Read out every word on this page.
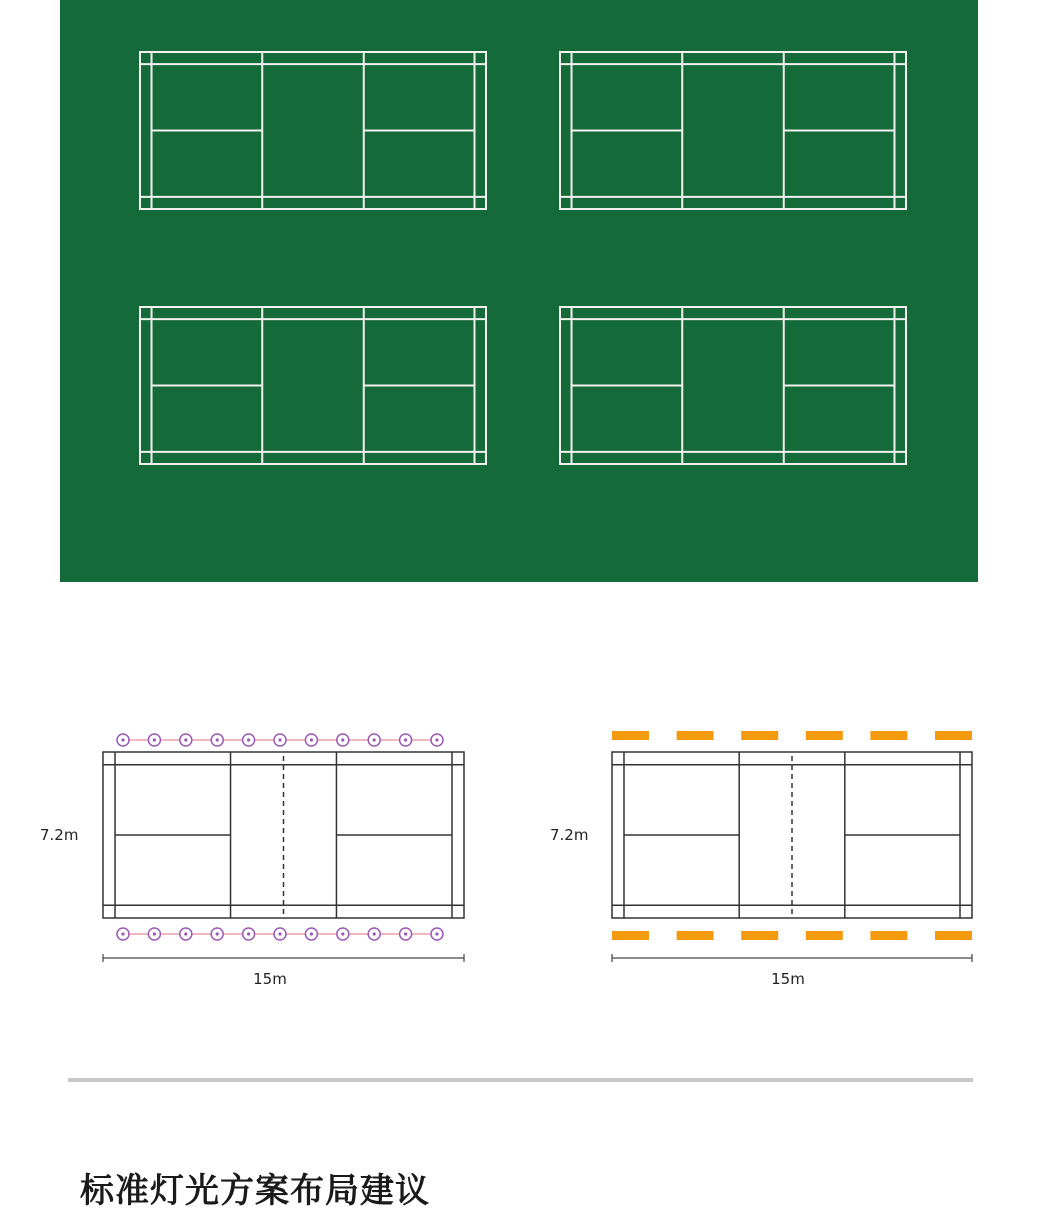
7.2m
15m
7.2m
15m
标准灯光方案布局建议
